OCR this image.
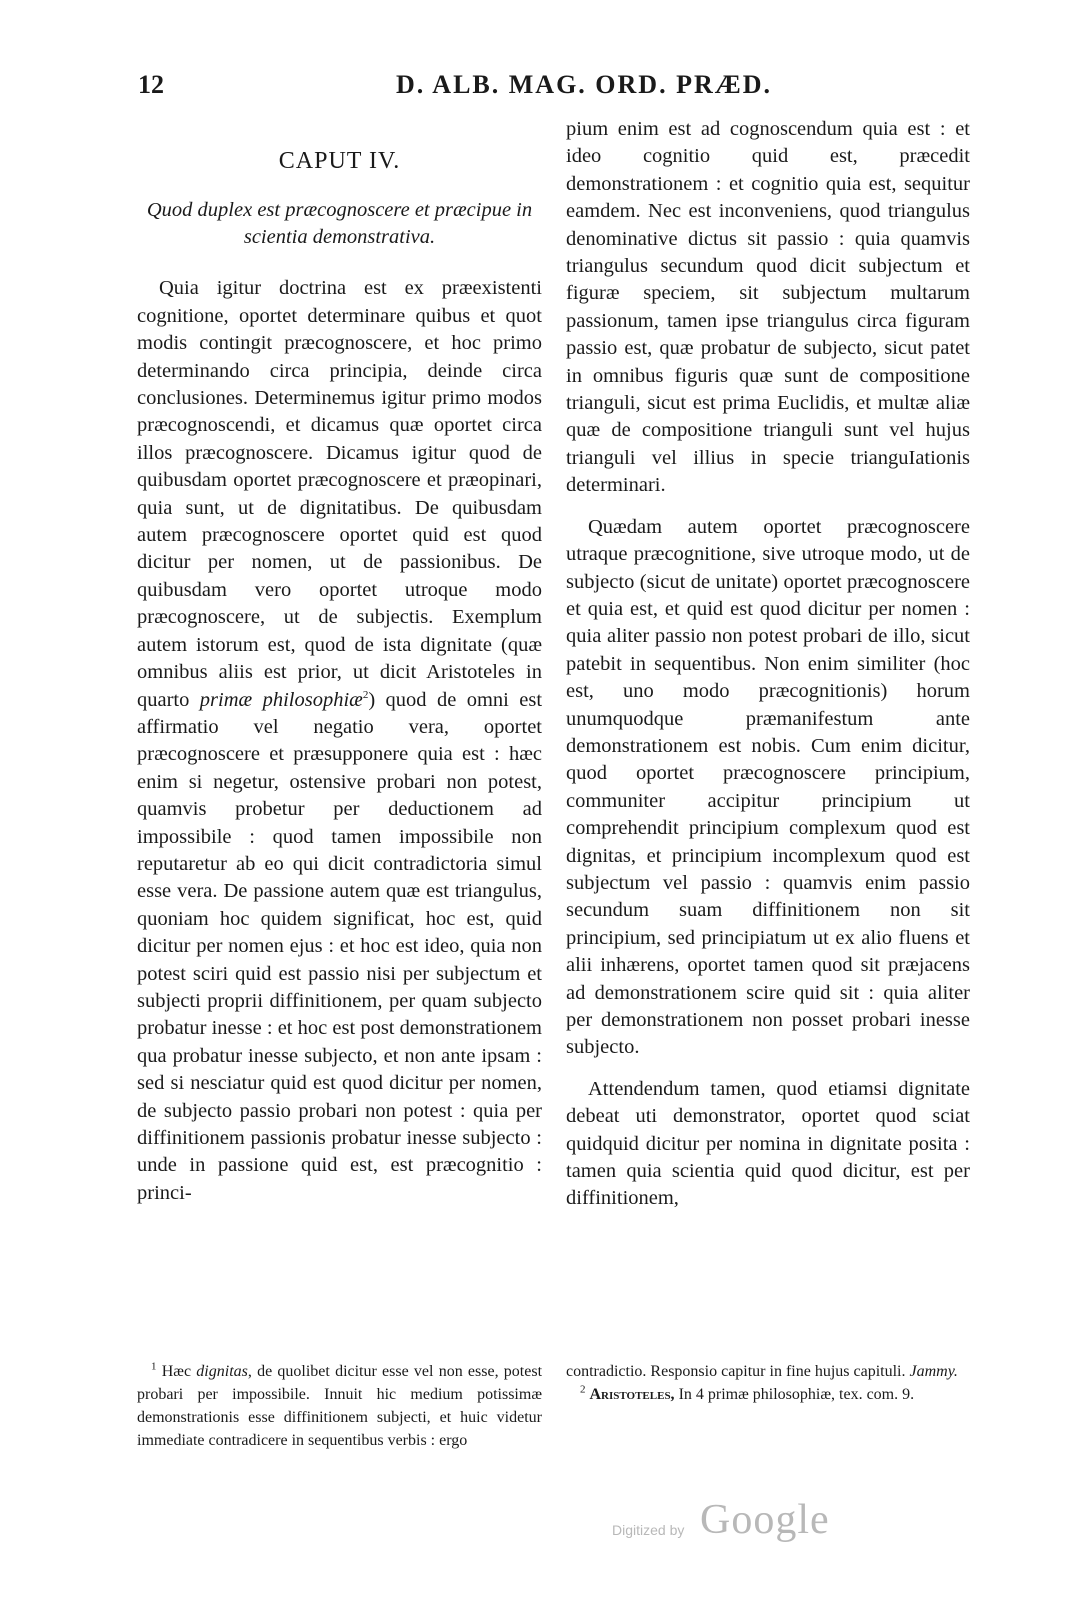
12	D. ALB. MAG. ORD. PRÆD.
CAPUT IV.
Quod duplex est præcognoscere et præcipue in scientia demonstrativa.

Quia igitur doctrina est ex præexistenti cognitione, oportet determinare quibus et quot modis contingit præcognoscere, et hoc primo determinando circa principia, deinde circa conclusiones. Determinemus igitur primo modos præcognoscendi, et dicamus quæ oportet circa illos præcognoscere. Dicamus igitur quod de quibusdam oportet præcognoscere et præopinari, quia sunt, ut de dignitatibus. De quibusdam autem præcognoscere oportet quid est quod dicitur per nomen, ut de passionibus. De quibusdam vero oportet utroque modo præcognoscere, ut de subjectis. Exemplum autem istorum est, quod de ista dignitate (quæ omnibus aliis est prior, ut dicit Aristoteles in quarto primæ philosophiæ$^2$) quod de omni est affirmatio vel negatio vera, oportet præcognoscere et præsupponere quia est : hæc enim si negetur, ostensive probari non potest, quamvis probetur per deductionem ad impossibile : quod tamen impossibile non reputaretur ab eo qui dicit contradictoria simul esse vera. De passione autem quæ est triangulus, quoniam hoc quidem significat, hoc est, quid dicitur per nomen ejus : et hoc est ideo, quia non potest sciri quid est passio nisi per subjectum et subjecti proprii diffinitionem, per quam subjecto probatur inesse : et hoc est post demonstrationem qua probatur inesse subjecto, et non ante ipsam : sed si nesciatur quid est quod dicitur per nomen, de subjecto passio probari non potest : quia per diffinitionem passionis probatur inesse subjecto : unde in passione quid est, est præcognitio : princi-

pium enim est ad cognoscendum quia est : et ideo cognitio quid est, præcedit demonstrationem : et cognitio quia est, sequitur eamdem. Nec est inconveniens, quod triangulus denominative dictus sit passio : quia quamvis triangulus secundum quod dicit subjectum et figuræ speciem, sit subjectum multarum passionum, tamen ipse triangulus circa figuram passio est, quæ probatur de subjecto, sicut patet in omnibus figuris quæ sunt de compositione trianguli, sicut est prima Euclidis, et multæ aliæ quæ de compositione trianguli sunt vel hujus trianguli vel illius in specie trianguIationis determinari.

Quædam autem oportet præcognoscere utraque præcognitione, sive utroque modo, ut de subjecto (sicut de unitate) oportet præcognoscere et quia est, et quid est quod dicitur per nomen : quia aliter passio non potest probari de illo, sicut patebit in sequentibus. Non enim similiter (hoc est, uno modo præcognitionis) horum unumquodque præmanifestum ante demonstrationem est nobis. Cum enim dicitur, quod oportet præcognoscere principium, communiter accipitur principium ut comprehendit principium complexum quod est dignitas, et principium incomplexum quod est subjectum vel passio : quamvis enim passio secundum suam diffinitionem non sit principium, sed principiatum ut ex alio fluens et alii inhærens, oportet tamen quod sit præjacens ad demonstrationem scire quid sit : quia aliter per demonstrationem non posset probari inesse subjecto.

Attendendum tamen, quod etiamsi dignitate debeat uti demonstrator, oportet quod sciat quidquid dicitur per nomina in dignitate posita : tamen quia scientia quid quod dicitur, est per diffinitionem,

$^1$ Hæc dignitas, de quolibet dicitur esse vel non esse, potest probari per impossibile. Innuit hic medium potissimæ demonstrationis esse diffinitionem subjecti, et huic videtur immediate contradicere in sequentibus verbis : ergo

contradictio. Responsio capitur in fine hujus capituli. Jammy.

$^2$ Aristoteles, In 4 primæ philosophiæ, tex. com. 9.

Digitized by Google
